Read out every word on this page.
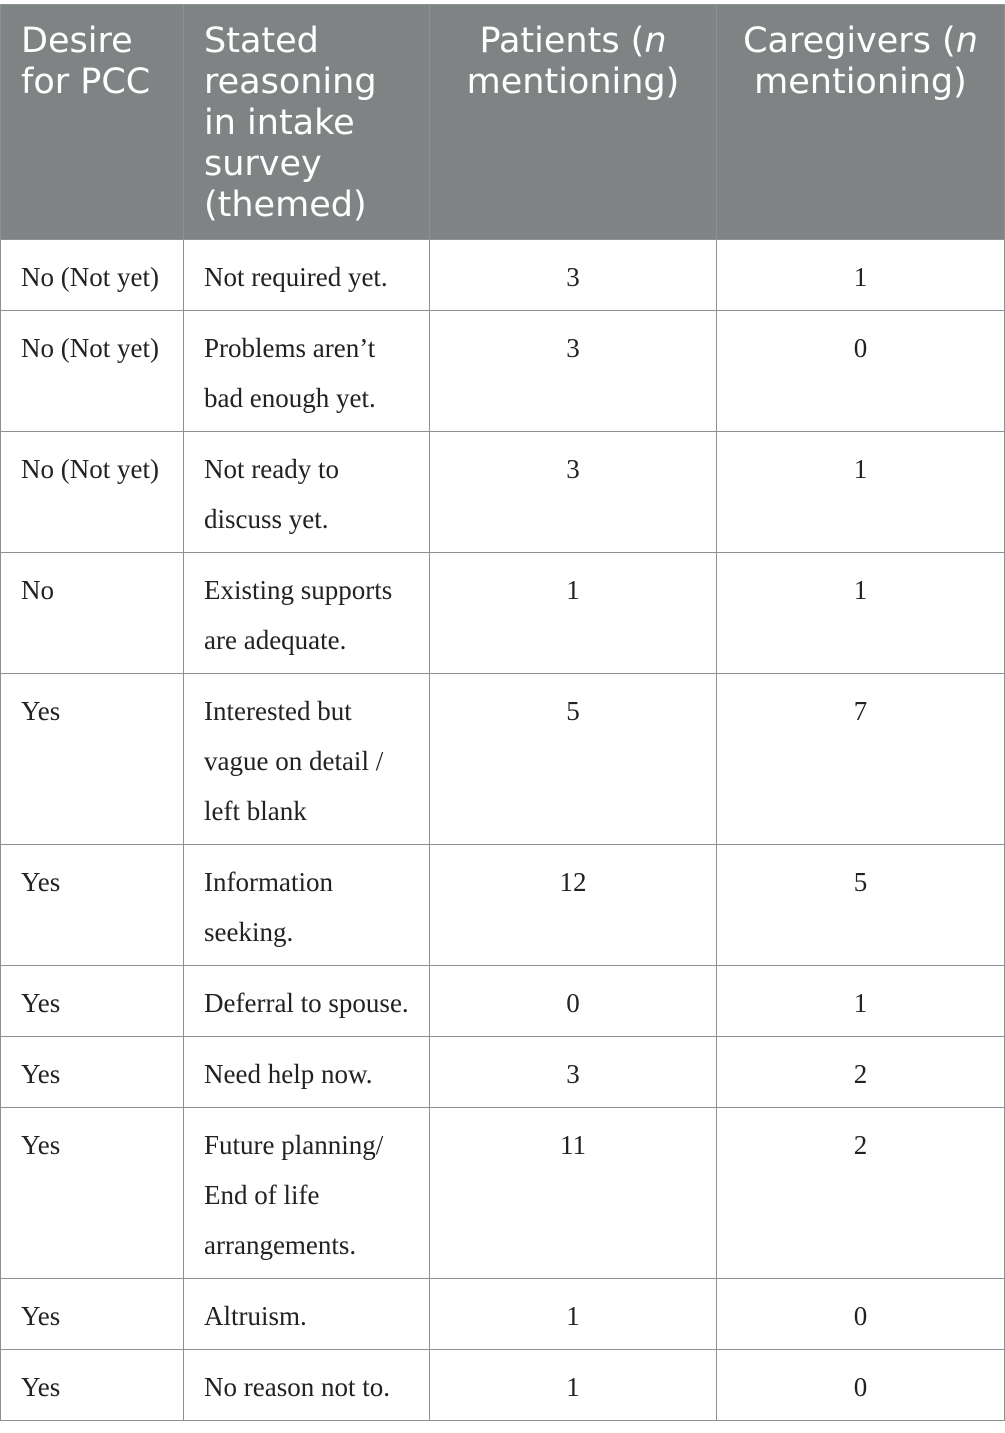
Desire for PCC	Stated reasoning in intake survey (themed)	Patients (n mentioning)	Caregivers (n mentioning)
No (Not yet)	Not required yet.	3	1
No (Not yet)	Problems aren’t bad enough yet.	3	0
No (Not yet)	Not ready to discuss yet.	3	1
No	Existing supports are adequate.	1	1
Yes	Interested but vague on detail / left blank	5	7
Yes	Information seeking.	12	5
Yes	Deferral to spouse.	0	1
Yes	Need help now.	3	2
Yes	Future planning/ End of life arrangements.	11	2
Yes	Altruism.	1	0
Yes	No reason not to.	1	0
